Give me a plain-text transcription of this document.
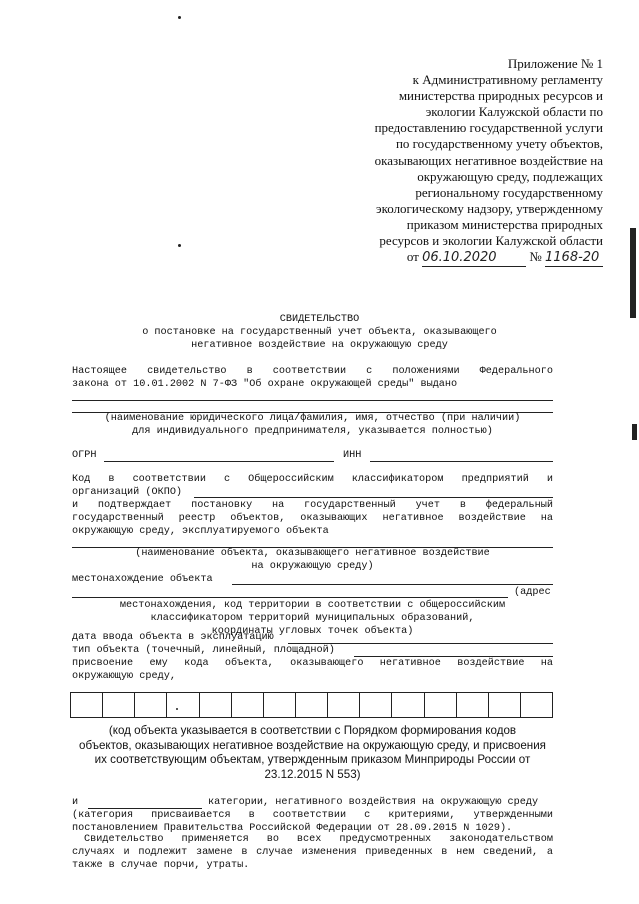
Приложение № 1
к Административному регламенту
министерства природных ресурсов и
экологии Калужской области по
предоставлению государственной услуги
по государственному учету объектов,
оказывающих негативное воздействие на
окружающую среду, подлежащих
региональному государственному
экологическому надзору, утвержденному
приказом министерства природных
ресурсов и экологии Калужской области
от 06.10.2020	№ 1168-20
СВИДЕТЕЛЬСТВО
о постановке на государственный учет объекта, оказывающего
негативное воздействие на окружающую среду
Настоящее свидетельство в соответствии с положениями Федерального
закона от 10.01.2002 N 7-ФЗ "Об охране окружающей среды" выдано
(наименование юридического лица/фамилия, имя, отчество (при наличии)
для индивидуального предпринимателя, указывается полностью)
ОГРН	ИНН
Код в соответствии с Общероссийским классификатором предприятий и
организаций (ОКПО)
и подтверждает постановку на государственный учет в федеральный
государственный реестр объектов, оказывающих негативное воздействие на
окружающую среду, эксплуатируемого объекта
(наименование объекта, оказывающего негативное воздействие
на окружающую среду)
местонахождение объекта
(адрес
местонахождения, код территории в соответствии с общероссийским
классификатором территорий муниципальных образований,
координаты угловых точек объекта)
дата ввода объекта в эксплуатацию
тип объекта (точечный, линейный, площадной)
присвоение ему кода объекта, оказывающего негативное воздействие на
окружающую среду,
(код объекта указывается в соответствии с Порядком формирования кодов
объектов, оказывающих негативное воздействие на окружающую среду, и присвоения
их соответствующим объектам, утвержденным приказом Минприроды России от
23.12.2015 N 553)
и	категории, негативного воздействия на окружающую среду
(категория присваивается в соответствии с критериями, утвержденными
постановлением Правительства Российской Федерации от 28.09.2015 N 1029).
Свидетельство применяется во всех предусмотренных законодательством
случаях и подлежит замене в случае изменения приведенных в нем сведений, а
также в случае порчи, утраты.
